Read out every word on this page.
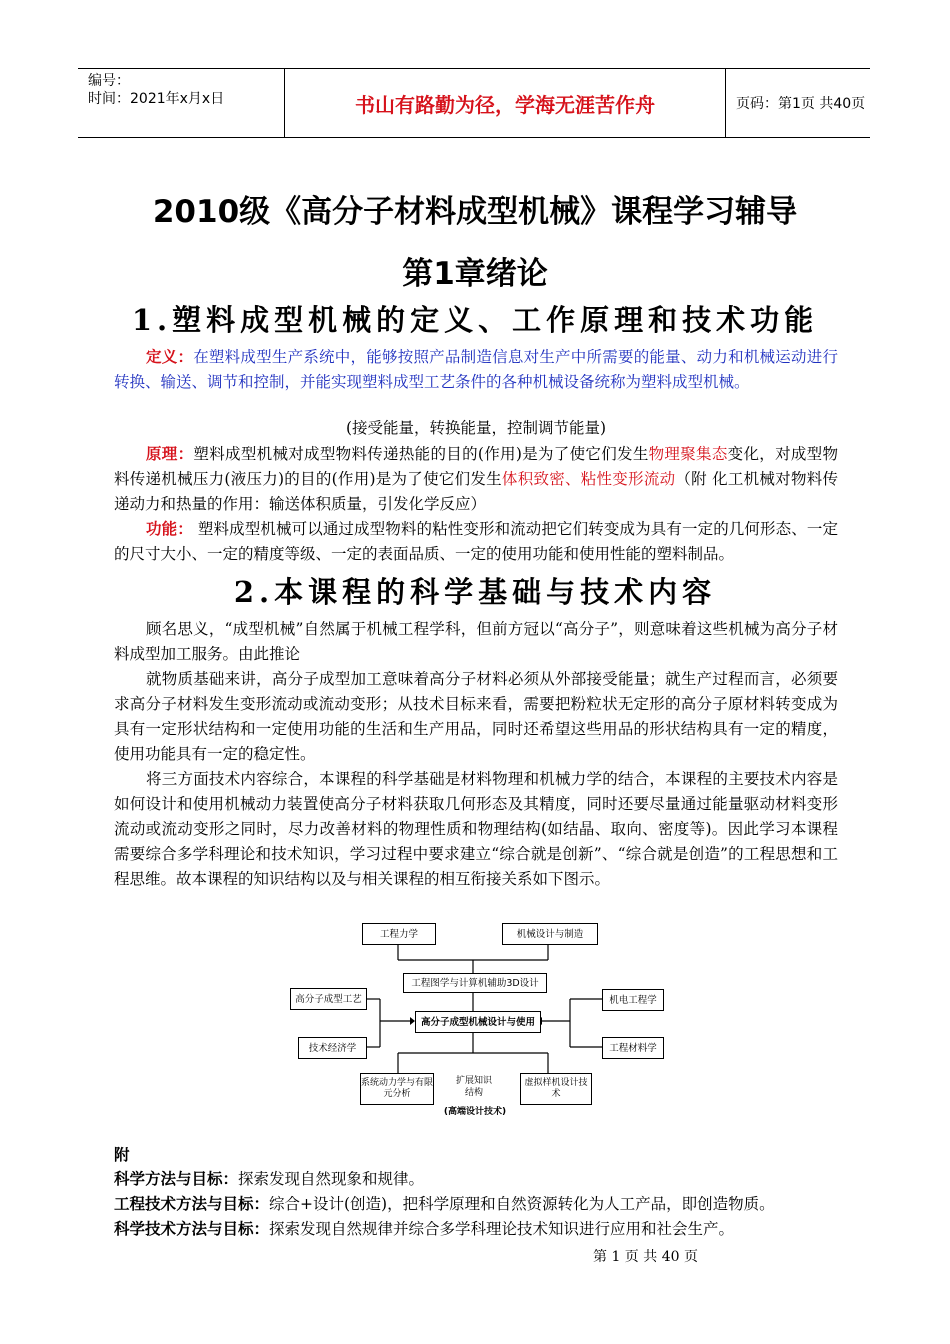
编号：
时间：2021年x月x日	书山有路勤为径，学海无涯苦作舟	页码：第1页 共40页
2010级《高分子材料成型机械》课程学习辅导
第1章绪论
1.塑料成型机械的定义、工作原理和技术功能
定义：在塑料成型生产系统中，能够按照产品制造信息对生产中所需要的能量、动力和机械运动进行转换、输送、调节和控制，并能实现塑料成型工艺条件的各种机械设备统称为塑料成型机械。
(接受能量，转换能量，控制调节能量)
原理：塑料成型机械对成型物料传递热能的目的(作用)是为了使它们发生物理聚集态变化，对成型物料传递机械压力(液压力)的目的(作用)是为了使它们发生体积致密、粘性变形流动（附 化工机械对物料传递动力和热量的作用：输送体积质量，引发化学反应）
功能： 塑料成型机械可以通过成型物料的粘性变形和流动把它们转变成为具有一定的几何形态、一定的尺寸大小、一定的精度等级、一定的表面品质、一定的使用功能和使用性能的塑料制品。
2.本课程的科学基础与技术内容
顾名思义，“成型机械”自然属于机械工程学科，但前方冠以“高分子”，则意味着这些机械为高分子材料成型加工服务。由此推论
就物质基础来讲，高分子成型加工意味着高分子材料必须从外部接受能量；就生产过程而言，必须要求高分子材料发生变形流动或流动变形；从技术目标来看，需要把粉粒状无定形的高分子原材料转变成为具有一定形状结构和一定使用功能的生活和生产用品，同时还希望这些用品的形状结构具有一定的精度，使用功能具有一定的稳定性。
将三方面技术内容综合，本课程的科学基础是材料物理和机械力学的结合，本课程的主要技术内容是如何设计和使用机械动力装置使高分子材料获取几何形态及其精度，同时还要尽量通过能量驱动材料变形流动或流动变形之同时，尽力改善材料的物理性质和物理结构(如结晶、取向、密度等)。因此学习本课程需要综合多学科理论和技术知识，学习过程中要求建立“综合就是创新”、“综合就是创造”的工程思想和工程思维。故本课程的知识结构以及与相关课程的相互衔接关系如下图示。
工程力学	机械设计与制造
工程图学与计算机辅助3D设计
高分子成型机械设计与使用
高分子成型工艺
技术经济学
机电工程学
工程材料学
系统动力学与有限元分析
虚拟样机设计技术
扩展知识结构
(高端设计技术)
附
科学方法与目标：探索发现自然现象和规律。
工程技术方法与目标：综合+设计(创造)，把科学原理和自然资源转化为人工产品，即创造物质。
科学技术方法与目标：探索发现自然规律并综合多学科理论技术知识进行应用和社会生产。
第 1 页 共 40 页
